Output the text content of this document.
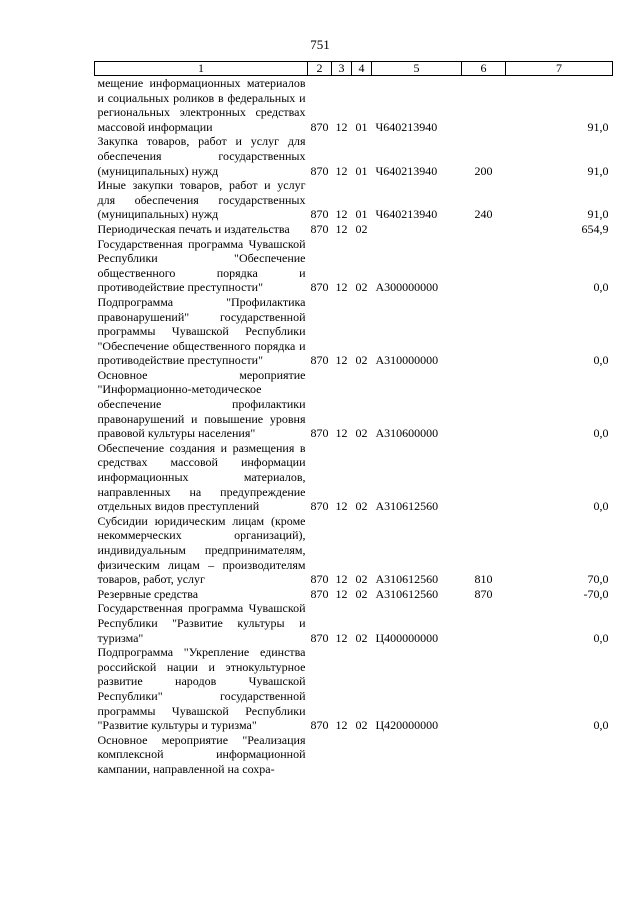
751
1	2	3	4	5	6	7
мещение информационных материалов и социальных роликов в федеральных и региональных электронных средствах массовой информации	870	12	01	Ч640213940		91,0
Закупка товаров, работ и услуг для обеспечения государственных (муниципальных) нужд	870	12	01	Ч640213940	200	91,0
Иные закупки товаров, работ и услуг для обеспечения государственных (муниципальных) нужд	870	12	01	Ч640213940	240	91,0
Периодическая печать и издательства	870	12	02			654,9
Государственная программа Чувашской Республики "Обеспечение общественного порядка и противодействие преступности"	870	12	02	А300000000		0,0
Подпрограмма "Профилактика правонарушений" государственной программы Чувашской Республики "Обеспечение общественного порядка и противодействие преступности"	870	12	02	А310000000		0,0
Основное мероприятие "Информационно-методическое обеспечение профилактики правонарушений и повышение уровня правовой культуры населения"	870	12	02	А310600000		0,0
Обеспечение создания и размещения в средствах массовой информации информационных материалов, направленных на предупреждение отдельных видов преступлений	870	12	02	А310612560		0,0
Субсидии юридическим лицам (кроме некоммерческих организаций), индивидуальным предпринимателям, физическим лицам – производителям товаров, работ, услуг	870	12	02	А310612560	810	70,0
Резервные средства	870	12	02	А310612560	870	-70,0
Государственная программа Чувашской Республики "Развитие культуры и туризма"	870	12	02	Ц400000000		0,0
Подпрограмма "Укрепление единства российской нации и этнокультурное развитие народов Чувашской Республики" государственной программы Чувашской Республики "Развитие культуры и туризма"	870	12	02	Ц420000000		0,0
Основное мероприятие "Реализация комплексной информационной кампании, направленной на сохра-						
